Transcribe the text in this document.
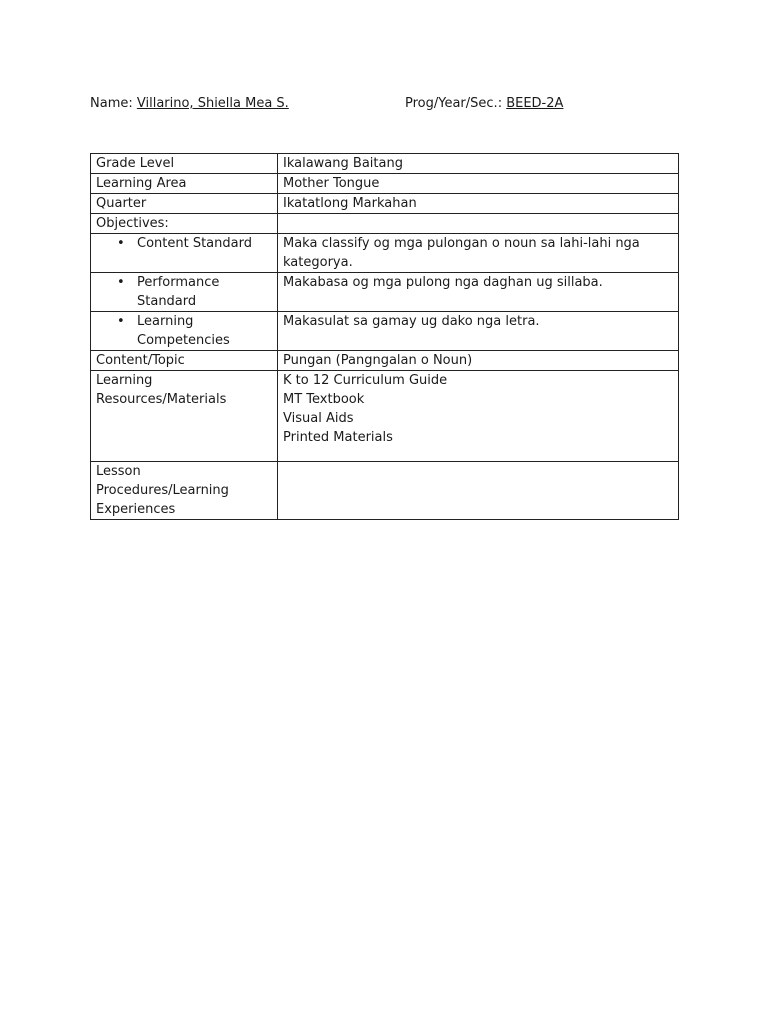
Name: Villarino, Shiella Mea S.	Prog/Year/Sec.: BEED-2A
Grade Level	Ikalawang Baitang
Learning Area	Mother Tongue
Quarter	Ikatatlong Markahan
Objectives:	

• Content Standard	Maka classify og mga pulongan o noun sa lahi-lahi nga kategorya.

• Performance Standard	Makabasa og mga pulong nga daghan ug sillaba.

• Learning Competencies	Makasulat sa gamay ug dako nga letra.
Content/Topic	Pungan (Pangngalan o Noun)
Learning Resources/Materials	K to 12 Curriculum Guide
MT Textbook
Visual Aids
Printed Materials

Lesson Procedures/Learning Experiences	
